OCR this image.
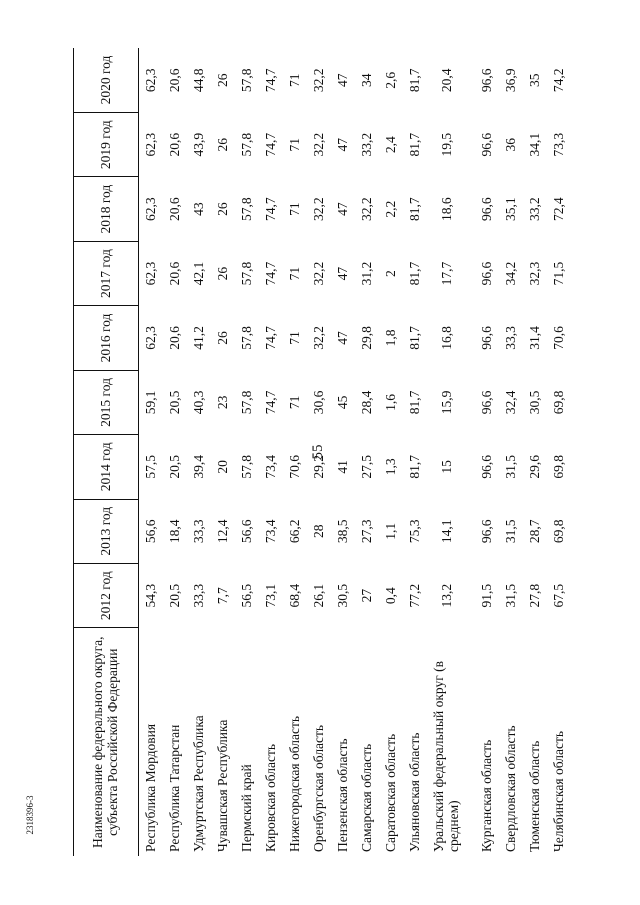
55
2318396-3	Наименование федерального округа, субъекта Российской Федерации	2012 год	2013 год	2014 год	2015 год	2016 год	2017 год	2018 год	2019 год	2020 год
Республика Мордовия	54,3	56,6	57,5	59,1	62,3	62,3	62,3	62,3	62,3
Республика Татарстан	20,5	18,4	20,5	20,5	20,6	20,6	20,6	20,6	20,6
Удмуртская Республика	33,3	33,3	39,4	40,3	41,2	42,1	43	43,9	44,8
Чувашская Республика	7,7	12,4	20	23	26	26	26	26	26
Пермский край	56,5	56,6	57,8	57,8	57,8	57,8	57,8	57,8	57,8
Кировская область	73,1	73,4	73,4	74,7	74,7	74,7	74,7	74,7	74,7
Нижегородская область	68,4	66,2	70,6	71	71	71	71	71	71
Оренбургская область	26,1	28	29,2	30,6	32,2	32,2	32,2	32,2	32,2
Пензенская область	30,5	38,5	41	45	47	47	47	47	47
Самарская область	27	27,3	27,5	28,4	29,8	31,2	32,2	33,2	34
Саратовская область	0,4	1,1	1,3	1,6	1,8	2	2,2	2,4	2,6
Ульяновская область	77,2	75,3	81,7	81,7	81,7	81,7	81,7	81,7	81,7
Уральский федеральный округ (в среднем)	13,2	14,1	15	15,9	16,8	17,7	18,6	19,5	20,4
Курганская область	91,5	96,6	96,6	96,6	96,6	96,6	96,6	96,6	96,6
Свердловская область	31,5	31,5	31,5	32,4	33,3	34,2	35,1	36	36,9
Тюменская область	27,8	28,7	29,6	30,5	31,4	32,3	33,2	34,1	35
Челябинская область	67,5	69,8	69,8	69,8	70,6	71,5	72,4	73,3	74,2
